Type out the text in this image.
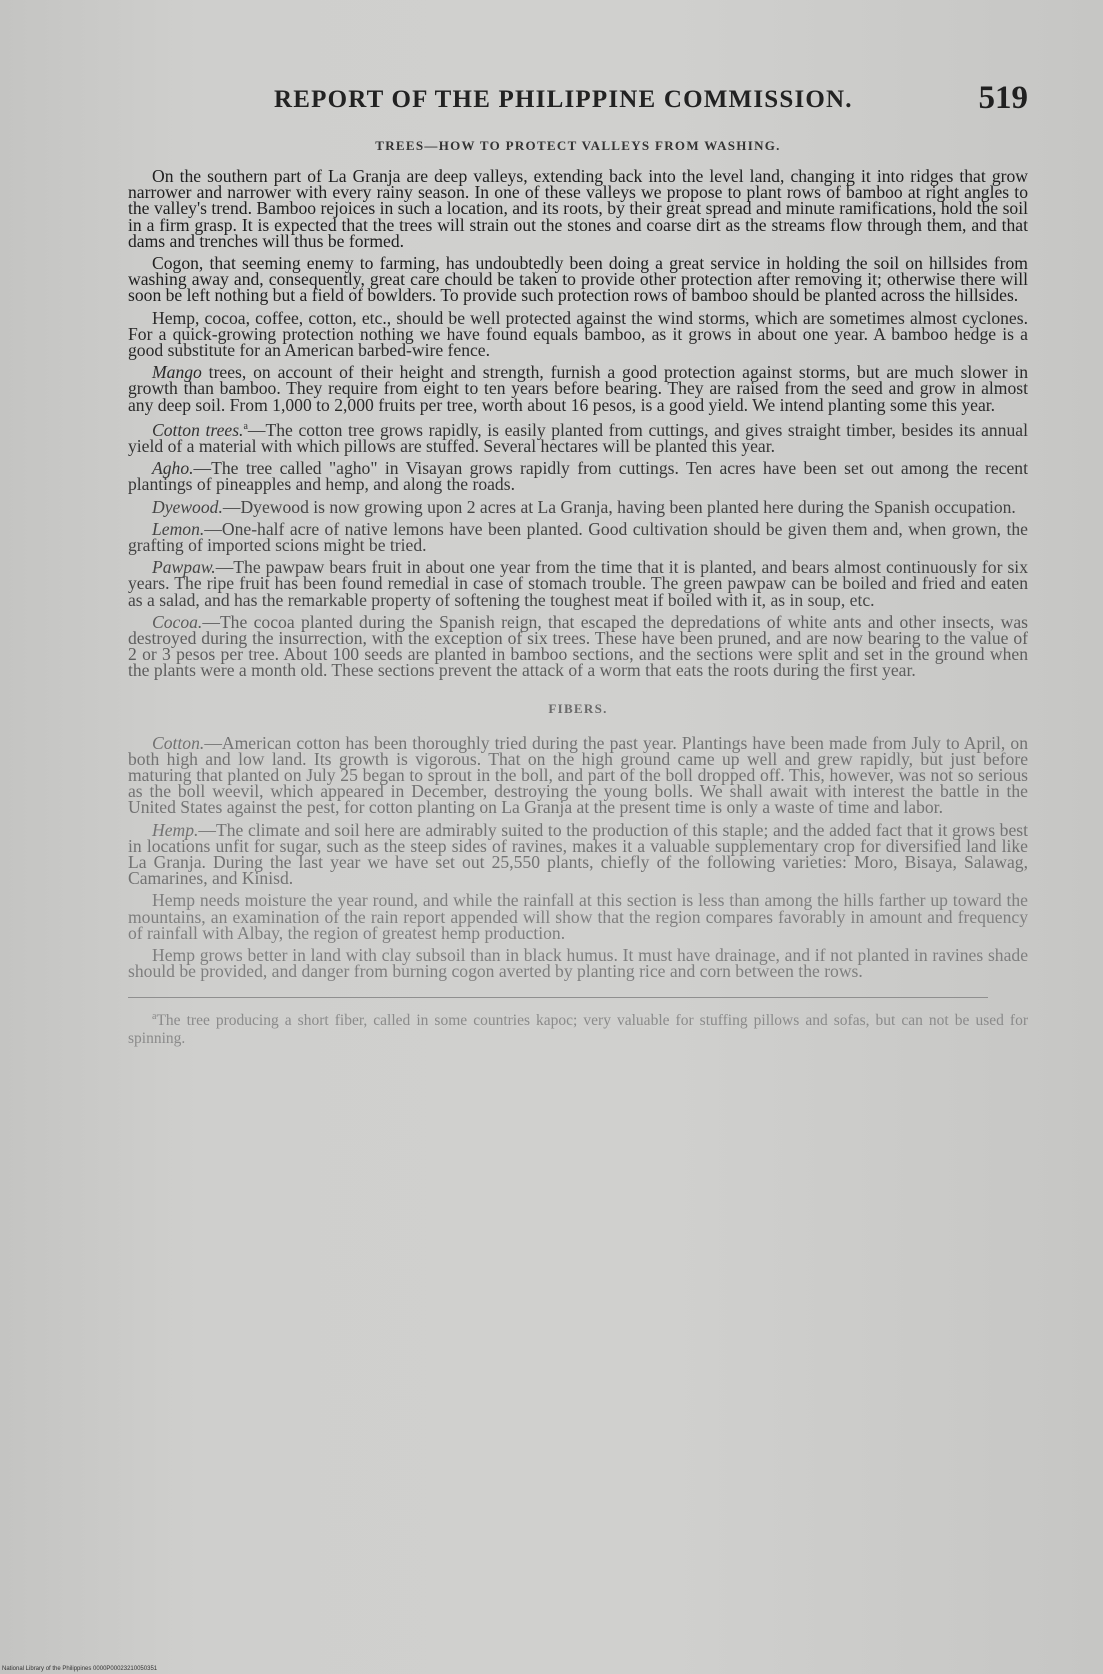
REPORT OF THE PHILIPPINE COMMISSION.	519
TREES—HOW TO PROTECT VALLEYS FROM WASHING.

On the southern part of La Granja are deep valleys, extending back into the level land, changing it into ridges that grow narrower and narrower with every rainy season. In one of these valleys we propose to plant rows of bamboo at right angles to the valley's trend. Bamboo rejoices in such a location, and its roots, by their great spread and minute ramifications, hold the soil in a firm grasp. It is expected that the trees will strain out the stones and coarse dirt as the streams flow through them, and that dams and trenches will thus be formed.

Cogon, that seeming enemy to farming, has undoubtedly been doing a great service in holding the soil on hillsides from washing away and, consequently, great care chould be taken to provide other protection after removing it; otherwise there will soon be left nothing but a field of bowlders. To provide such protection rows of bamboo should be planted across the hillsides.

Hemp, cocoa, coffee, cotton, etc., should be well protected against the wind storms, which are sometimes almost cyclones. For a quick-growing protection nothing we have found equals bamboo, as it grows in about one year. A bamboo hedge is a good substitute for an American barbed-wire fence.

Mango trees, on account of their height and strength, furnish a good protection against storms, but are much slower in growth than bamboo. They require from eight to ten years before bearing. They are raised from the seed and grow in almost any deep soil. From 1,000 to 2,000 fruits per tree, worth about 16 pesos, is a good yield. We intend planting some this year.

Cotton trees.$^a$—The cotton tree grows rapidly, is easily planted from cuttings, and gives straight timber, besides its annual yield of a material with which pillows are stuffed. Several hectares will be planted this year.

Agho.—The tree called "agho" in Visayan grows rapidly from cuttings. Ten acres have been set out among the recent plantings of pineapples and hemp, and along the roads.

Dyewood.—Dyewood is now growing upon 2 acres at La Granja, having been planted here during the Spanish occupation.

Lemon.—One-half acre of native lemons have been planted. Good cultivation should be given them and, when grown, the grafting of imported scions might be tried.

Pawpaw.—The pawpaw bears fruit in about one year from the time that it is planted, and bears almost continuously for six years. The ripe fruit has been found remedial in case of stomach trouble. The green pawpaw can be boiled and fried and eaten as a salad, and has the remarkable property of softening the toughest meat if boiled with it, as in soup, etc.

Cocoa.—The cocoa planted during the Spanish reign, that escaped the depredations of white ants and other insects, was destroyed during the insurrection, with the exception of six trees. These have been pruned, and are now bearing to the value of 2 or 3 pesos per tree. About 100 seeds are planted in bamboo sections, and the sections were split and set in the ground when the plants were a month old. These sections prevent the attack of a worm that eats the roots during the first year.

FIBERS.

Cotton.—American cotton has been thoroughly tried during the past year. Plantings have been made from July to April, on both high and low land. Its growth is vigorous. That on the high ground came up well and grew rapidly, but just before maturing that planted on July 25 began to sprout in the boll, and part of the boll dropped off. This, however, was not so serious as the boll weevil, which appeared in December, destroying the young bolls. We shall await with interest the battle in the United States against the pest, for cotton planting on La Granja at the present time is only a waste of time and labor.

Hemp.—The climate and soil here are admirably suited to the production of this staple; and the added fact that it grows best in locations unfit for sugar, such as the steep sides of ravines, makes it a valuable supplementary crop for diversified land like La Granja. During the last year we have set out 25,550 plants, chiefly of the following varieties: Moro, Bisaya, Salawag, Camarines, and Kinisd.

Hemp needs moisture the year round, and while the rainfall at this section is less than among the hills farther up toward the mountains, an examination of the rain report appended will show that the region compares favorably in amount and frequency of rainfall with Albay, the region of greatest hemp production.

Hemp grows better in land with clay subsoil than in black humus. It must have drainage, and if not planted in ravines shade should be provided, and danger from burning cogon averted by planting rice and corn between the rows.

$^a$The tree producing a short fiber, called in some countries kapoc; very valuable for stuffing pillows and sofas, but can not be used for spinning.

National Library of the Philippines 0000P00023210050351
